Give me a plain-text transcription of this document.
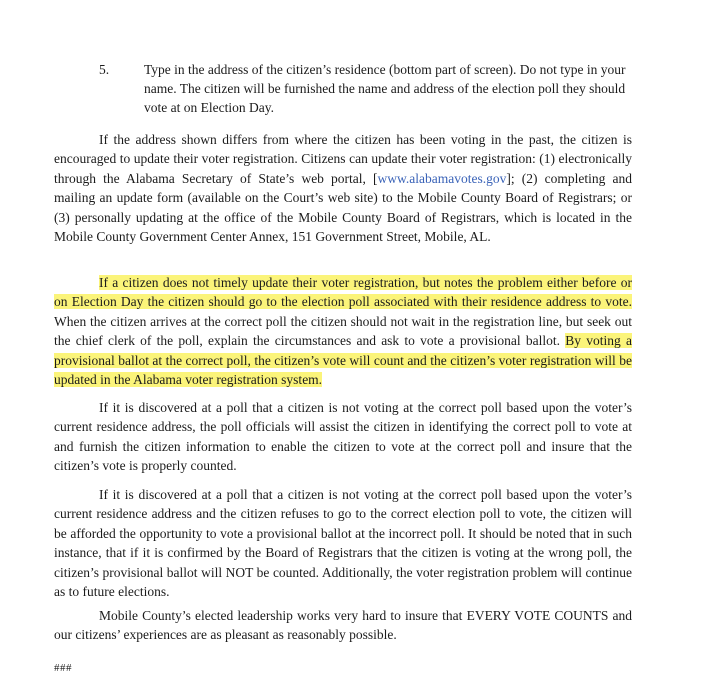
5.	Type in the address of the citizen’s residence (bottom part of screen). Do not type in your name. The citizen will be furnished the name and address of the election poll they should vote at on Election Day.

If the address shown differs from where the citizen has been voting in the past, the citizen is encouraged to update their voter registration. Citizens can update their voter registration: (1) electronically through the Alabama Secretary of State’s web portal, [www.alabamavotes.gov]; (2) completing and mailing an update form (available on the Court’s web site) to the Mobile County Board of Registrars; or (3) personally updating at the office of the Mobile County Board of Registrars, which is located in the Mobile County Government Center Annex, 151 Government Street, Mobile, AL.

If a citizen does not timely update their voter registration, but notes the problem either before or on Election Day the citizen should go to the election poll associated with their residence address to vote. When the citizen arrives at the correct poll the citizen should not wait in the registration line, but seek out the chief clerk of the poll, explain the circumstances and ask to vote a provisional ballot. By voting a provisional ballot at the correct poll, the citizen’s vote will count and the citizen’s voter registration will be updated in the Alabama voter registration system.

If it is discovered at a poll that a citizen is not voting at the correct poll based upon the voter’s current residence address, the poll officials will assist the citizen in identifying the correct poll to vote at and furnish the citizen information to enable the citizen to vote at the correct poll and insure that the citizen’s vote is properly counted.

If it is discovered at a poll that a citizen is not voting at the correct poll based upon the voter’s current residence address and the citizen refuses to go to the correct election poll to vote, the citizen will be afforded the opportunity to vote a provisional ballot at the incorrect poll. It should be noted that in such instance, that if it is confirmed by the Board of Registrars that the citizen is voting at the wrong poll, the citizen’s provisional ballot will NOT be counted. Additionally, the voter registration problem will continue as to future elections.

Mobile County’s elected leadership works very hard to insure that EVERY VOTE COUNTS and our citizens’ experiences are as pleasant as reasonably possible.

###
